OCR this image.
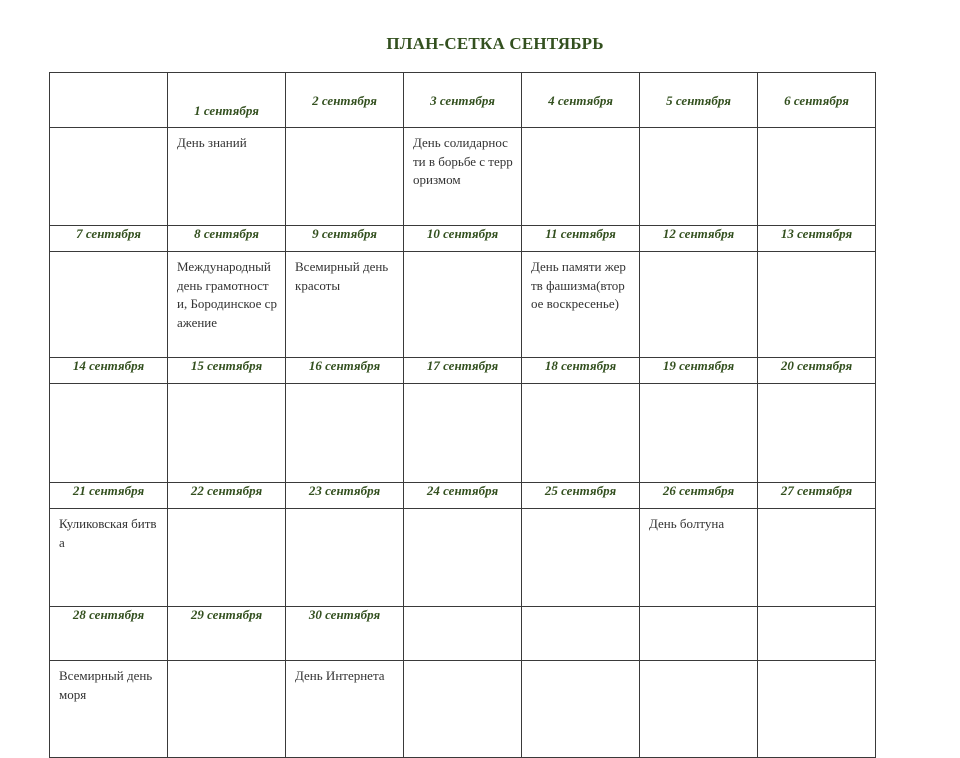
ПЛАН-СЕТКА СЕНТЯБРЬ
	1 сентября	2 сентября	3 сентября	4 сентября	5 сентября	6 сентября
	День знаний		День солидарности в борьбе с терроризмом			
7 сентября	8 сентября	9 сентября	10 сентября	11 сентября	12 сентября	13 сентября
	Международный день грамотности, Бородинское сражение	Всемирный день красоты		День памяти жертв фашизма(второе воскресенье)		
14 сентября	15 сентября	16 сентября	17 сентября	18 сентября	19 сентября	20 сентября

21 сентября	22 сентября	23 сентября	24 сентября	25 сентября	26 сентября	27 сентября
Куликовская битва					День болтуна	
28 сентября	29 сентября	30 сентября				
Всемирный день моря		День Интернета				
